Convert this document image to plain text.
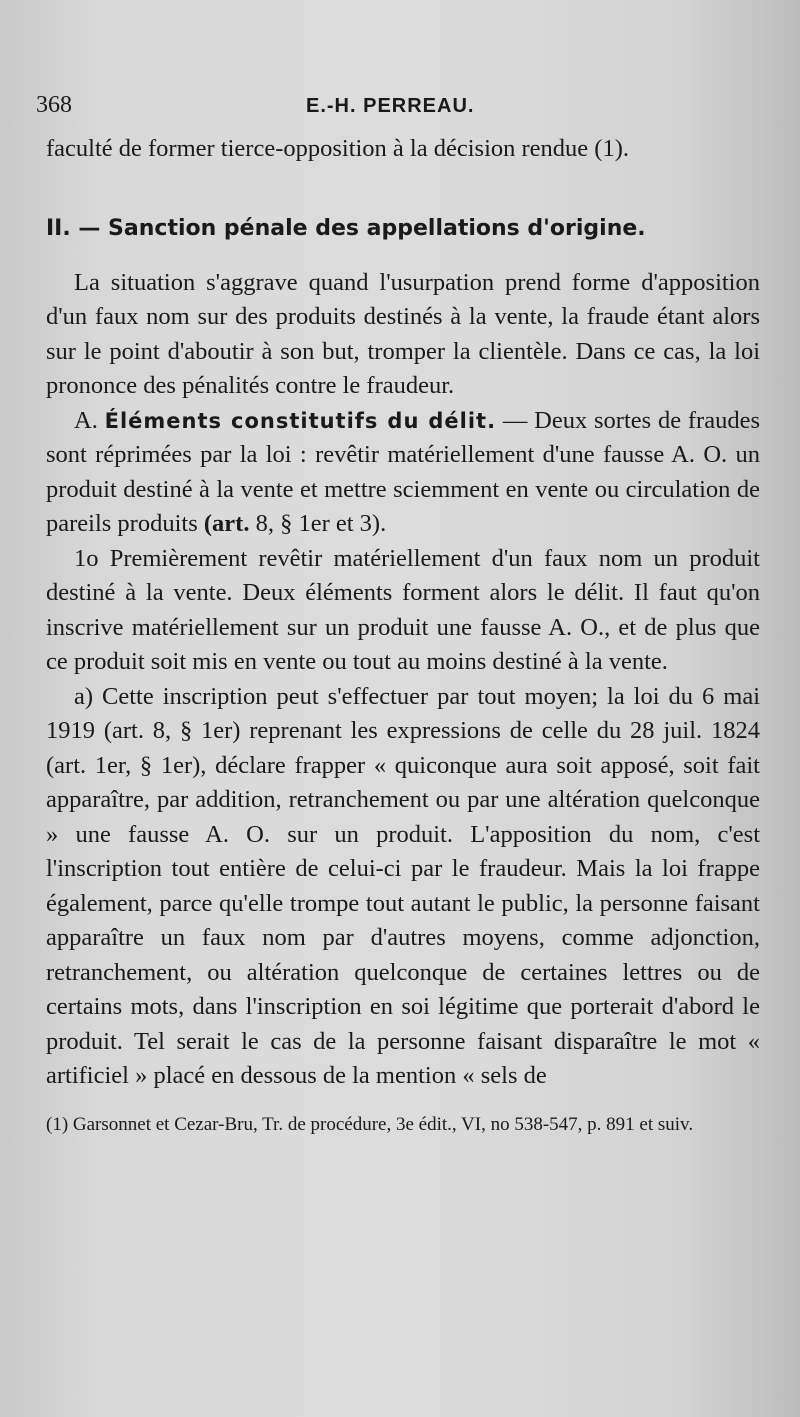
368	E.-H. PERREAU.

faculté de former tierce-opposition à la décision rendue (1).

II. — Sanction pénale des appellations d'origine.

La situation s'aggrave quand l'usurpation prend forme d'apposition d'un faux nom sur des produits destinés à la vente, la fraude étant alors sur le point d'aboutir à son but, tromper la clientèle. Dans ce cas, la loi prononce des pénalités contre le fraudeur.

A. Éléments constitutifs du délit. — Deux sortes de fraudes sont réprimées par la loi : revêtir matériellement d'une fausse A. O. un produit destiné à la vente et mettre sciemment en vente ou circulation de pareils produits (art. 8, § 1er et 3).

1o Premièrement revêtir matériellement d'un faux nom un produit destiné à la vente. Deux éléments forment alors le délit. Il faut qu'on inscrive matériellement sur un produit une fausse A. O., et de plus que ce produit soit mis en vente ou tout au moins destiné à la vente.

a) Cette inscription peut s'effectuer par tout moyen; la loi du 6 mai 1919 (art. 8, § 1er) reprenant les expressions de celle du 28 juil. 1824 (art. 1er, § 1er), déclare frapper « quiconque aura soit apposé, soit fait apparaître, par addition, retranchement ou par une altération quelconque » une fausse A. O. sur un produit. L'apposition du nom, c'est l'inscription tout entière de celui-ci par le fraudeur. Mais la loi frappe également, parce qu'elle trompe tout autant le public, la personne faisant apparaître un faux nom par d'autres moyens, comme adjonction, retranchement, ou altération quelconque de certaines lettres ou de certains mots, dans l'inscription en soi légitime que porterait d'abord le produit. Tel serait le cas de la personne faisant disparaître le mot « artificiel » placé en dessous de la mention « sels de

(1) Garsonnet et Cezar-Bru, Tr. de procédure, 3e édit., VI, no 538-547, p. 891 et suiv.
